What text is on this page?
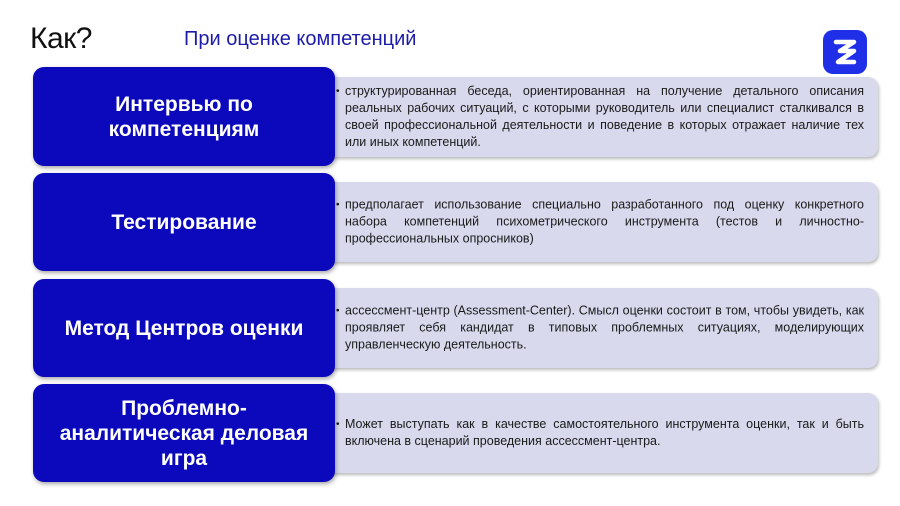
Как?	При оценке компетенций
• структурированная беседа, ориентированная на получение детального описания реальных рабочих ситуаций, с которыми руководитель или специалист сталкивался в своей профессиональной деятельности и поведение в которых отражает наличие тех или иных компетенций.
Интервью по компетенциям
• предполагает использование специально разработанного под оценку конкретного набора компетенций психометрического инструмента (тестов и личностно-профессиональных опросников)
Тестирование
• ассессмент-центр (Assessment-Center). Смысл оценки состоит в том, чтобы увидеть, как проявляет себя кандидат в типовых проблемных ситуациях, моделирующих управленческую деятельность.
Метод Центров оценки
• Может выступать как в качестве самостоятельного инструмента оценки, так и быть включена в сценарий проведения ассессмент-центра.
Проблемно-аналитическая деловая игра
